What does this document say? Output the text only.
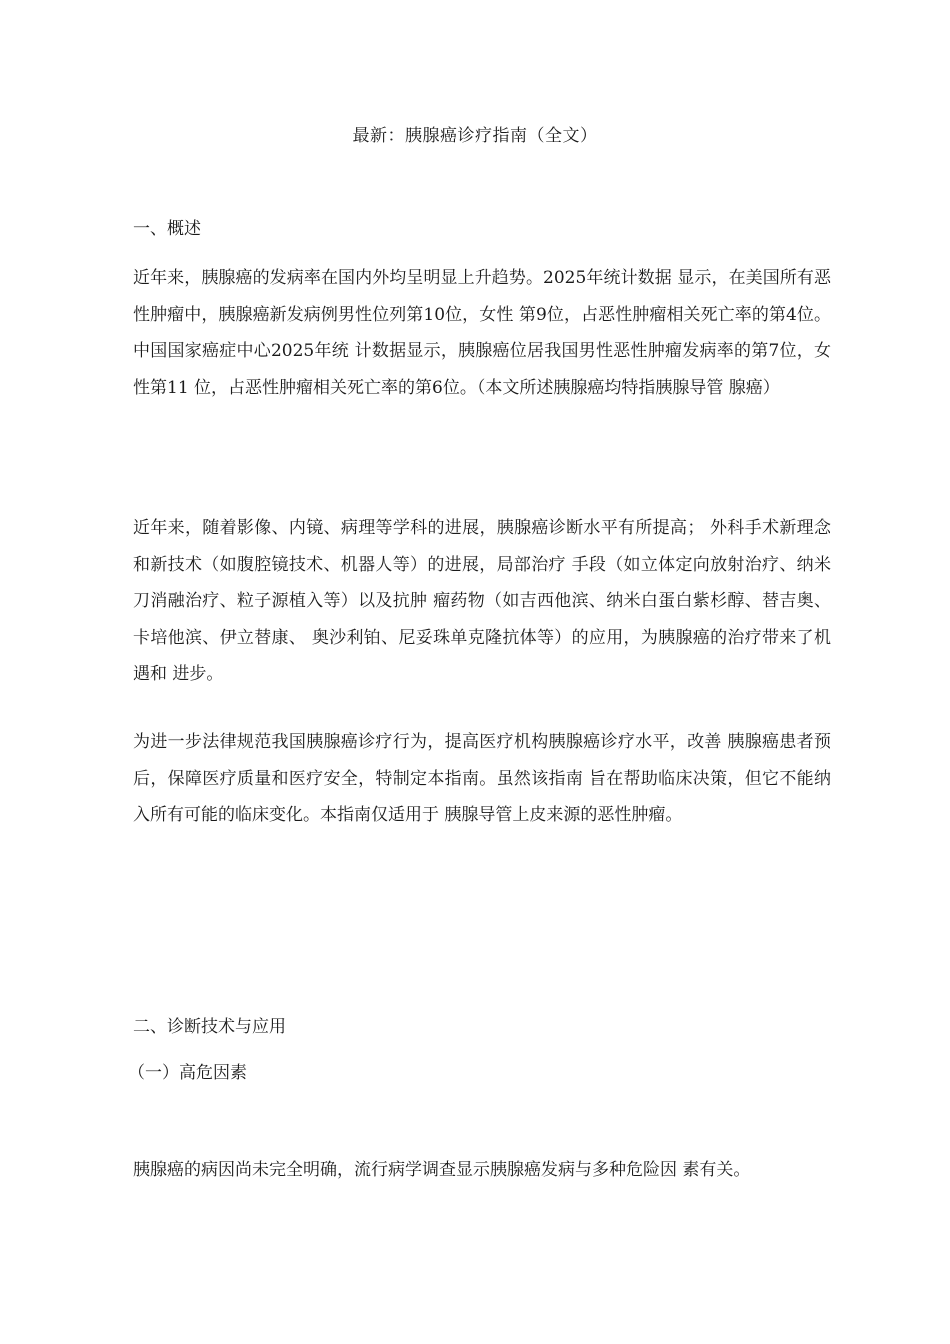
最新：胰腺癌诊疗指南（全文）
一、概述

近年来，胰腺癌的发病率在国内外均呈明显上升趋势。2025年统计数据 显示，在美国所有恶性肿瘤中，胰腺癌新发病例男性位列第10位，女性 第9位，占恶性肿瘤相关死亡率的第4位。中国国家癌症中心2025年统 计数据显示，胰腺癌位居我国男性恶性肿瘤发病率的第7位，女性第11 位，占恶性肿瘤相关死亡率的第6位。（本文所述胰腺癌均特指胰腺导管 腺癌）

近年来，随着影像、内镜、病理等学科的进展，胰腺癌诊断水平有所提高； 外科手术新理念和新技术（如腹腔镜技术、机器人等）的进展，局部治疗 手段（如立体定向放射治疗、纳米刀消融治疗、粒子源植入等）以及抗肿 瘤药物（如吉西他滨、纳米白蛋白紫杉醇、替吉奥、卡培他滨、伊立替康、 奥沙利铂、尼妥珠单克隆抗体等）的应用，为胰腺癌的治疗带来了机遇和 进步。

为进一步法律规范我国胰腺癌诊疗行为，提高医疗机构胰腺癌诊疗水平，改善 胰腺癌患者预后，保障医疗质量和医疗安全，特制定本指南。虽然该指南 旨在帮助临床决策，但它不能纳入所有可能的临床变化。本指南仅适用于 胰腺导管上皮来源的恶性肿瘤。

二、诊断技术与应用
（一）高危因素

胰腺癌的病因尚未完全明确，流行病学调查显示胰腺癌发病与多种危险因 素有关。
